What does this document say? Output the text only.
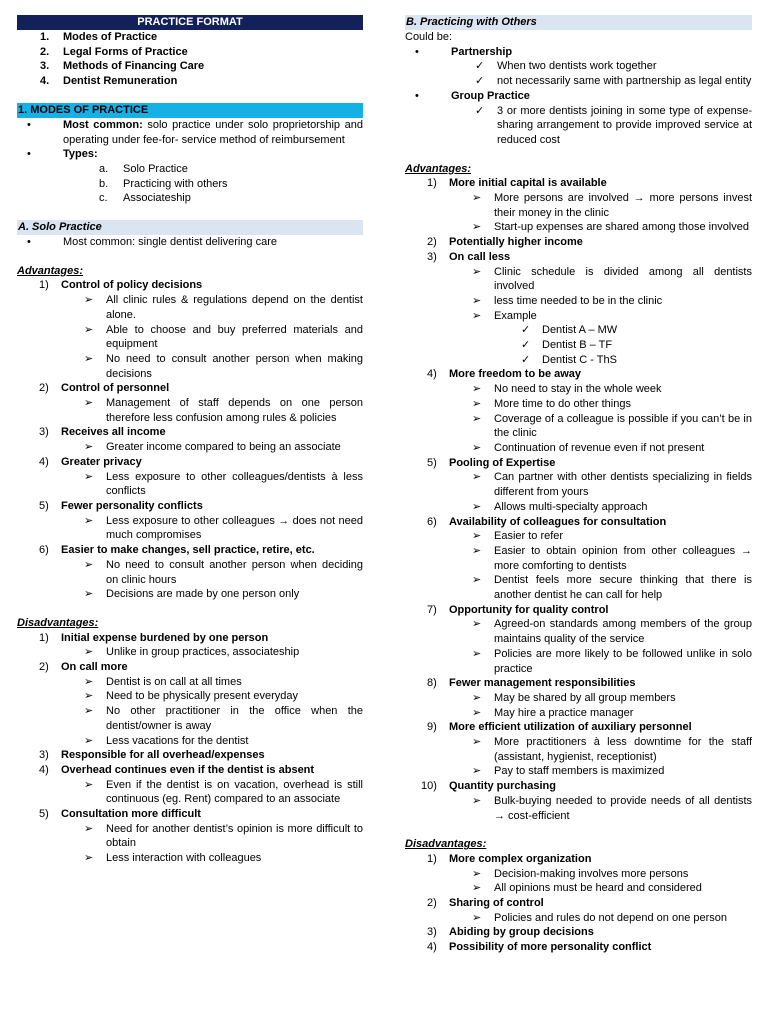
PRACTICE FORMAT
1.	Modes of Practice
2.	Legal Forms of Practice
3.	Methods of Financing Care
4.	Dentist Remuneration
1. MODES OF PRACTICE
•	Most common: solo practice under solo proprietorship and operating under fee-for- service method of reimbursement
•	Types:
a.	Solo Practice
b.	Practicing with others
c.	Associateship
A. Solo Practice
•	Most common: single dentist delivering care
Advantages:
1)	Control of policy decisions
➢	All clinic rules & regulations depend on the dentist alone.
➢	Able to choose and buy preferred materials and equipment
➢	No need to consult another person when making decisions
2)	Control of personnel
➢	Management of staff depends on one person therefore less confusion among rules & policies
3)	Receives all income
➢	Greater income compared to being an associate
4)	Greater privacy
➢	Less exposure to other colleagues/dentists à less conflicts
5)	Fewer personality conflicts
➢	Less exposure to other colleagues → does not need much compromises
6)	Easier to make changes, sell practice, retire, etc.
➢	No need to consult another person when deciding on clinic hours
➢	Decisions are made by one person only
Disadvantages:
1)	Initial expense burdened by one person
➢	Unlike in group practices, associateship
2)	On call more
➢	Dentist is on call at all times
➢	Need to be physically present everyday
➢	No other practitioner in the office when the dentist/owner is away
➢	Less vacations for the dentist
3)	Responsible for all overhead/expenses
4)	Overhead continues even if the dentist is absent
➢	Even if the dentist is on vacation, overhead is still continuous (eg. Rent) compared to an associate
5)	Consultation more difficult
➢	Need for another dentist’s opinion is more difficult to obtain
➢	Less interaction with colleagues
B. Practicing with Others
Could be:
•	Partnership
✓	When two dentists work together
✓	not necessarily same with partnership as legal entity
•	Group Practice
✓	3 or more dentists joining in some type of expense-sharing arrangement to provide improved service at reduced cost
Advantages:
1)	More initial capital is available
➢	More persons are involved → more persons invest their money in the clinic
➢	Start-up expenses are shared among those involved
2)	Potentially higher income
3)	On call less
➢	Clinic schedule is divided among all dentists involved
➢	less time needed to be in the clinic
➢	Example
✓	Dentist A – MW
✓	Dentist B – TF
✓	Dentist C - ThS
4)	More freedom to be away
➢	No need to stay in the whole week
➢	More time to do other things
➢	Coverage of a colleague is possible if you can’t be in the clinic
➢	Continuation of revenue even if not present
5)	Pooling of Expertise
➢	Can partner with other dentists specializing in fields different from yours
➢	Allows multi-specialty approach
6)	Availability of colleagues for consultation
➢	Easier to refer
➢	Easier to obtain opinion from other colleagues → more comforting to dentists
➢	Dentist feels more secure thinking that there is another dentist he can call for help
7)	Opportunity for quality control
➢	Agreed-on standards among members of the group maintains quality of the service
➢	Policies are more likely to be followed unlike in solo practice
8)	Fewer management responsibilities
➢	May be shared by all group members
➢	May hire a practice manager
9)	More efficient utilization of auxiliary personnel
➢	More practitioners à less downtime for the staff (assistant, hygienist, receptionist)
➢	Pay to staff members is maximized
10)	Quantity purchasing
➢	Bulk-buying needed to provide needs of all dentists → cost-efficient
Disadvantages:
1)	More complex organization
➢	Decision-making involves more persons
➢	All opinions must be heard and considered
2)	Sharing of control
➢	Policies and rules do not depend on one person
3)	Abiding by group decisions
4)	Possibility of more personality conflict
